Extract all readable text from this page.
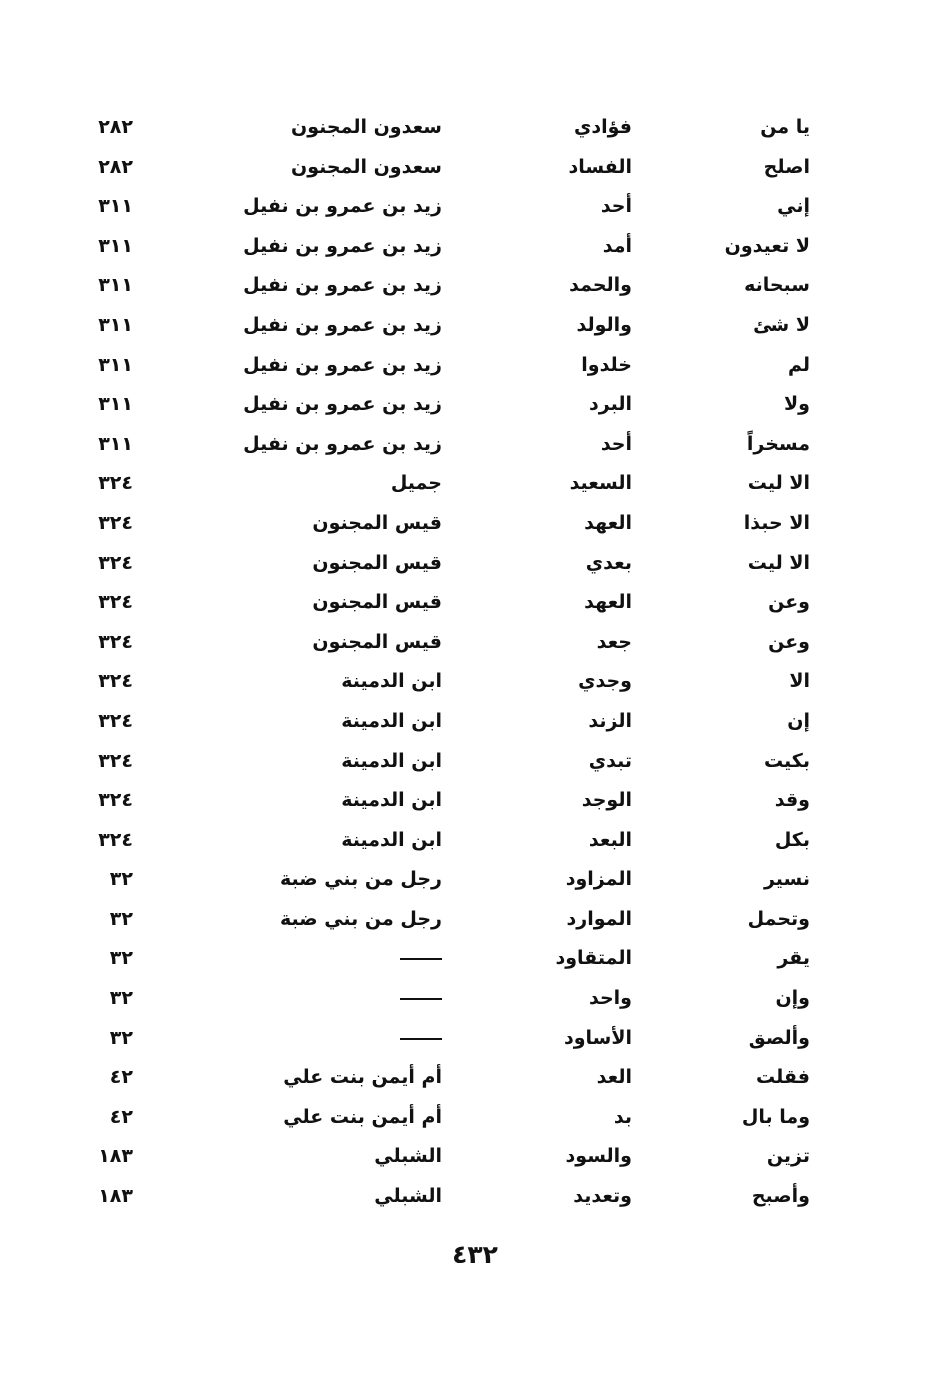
يا من
فؤادي
سعدون المجنون
٢٨٢
اصلح
الفساد
سعدون المجنون
٢٨٢
إني
أحد
زيد بن عمرو بن نفيل
٣١١
لا تعيدون
أمد
زيد بن عمرو بن نفيل
٣١١
سبحانه
والحمد
زيد بن عمرو بن نفيل
٣١١
لا شئ
والولد
زيد بن عمرو بن نفيل
٣١١
لم
خلدوا
زيد بن عمرو بن نفيل
٣١١
ولا
البرد
زيد بن عمرو بن نفيل
٣١١
مسخراً
أحد
زيد بن عمرو بن نفيل
٣١١
الا ليت
السعيد
جميل
٣٢٤
الا حبذا
العهد
قيس المجنون
٣٢٤
الا ليت
بعدي
قيس المجنون
٣٢٤
وعن
العهد
قيس المجنون
٣٢٤
وعن
جعد
قيس المجنون
٣٢٤
الا
وجدي
ابن الدمينة
٣٢٤
إن
الزند
ابن الدمينة
٣٢٤
بكيت
تبدي
ابن الدمينة
٣٢٤
وقد
الوجد
ابن الدمينة
٣٢٤
بكل
البعد
ابن الدمينة
٣٢٤
نسير
المزاود
رجل من بني ضبة
٣٢
وتحمل
الموارد
رجل من بني ضبة
٣٢
يقر
المتقاود
٣٢
وإن
واحد
٣٢
وألصق
الأساود
٣٢
فقلت
العد
أم أيمن بنت علي
٤٢
وما بال
بد
أم أيمن بنت علي
٤٢
تزين
والسود
الشبلي
١٨٣
وأصبح
وتعديد
الشبلي
١٨٣
٤٣٢
